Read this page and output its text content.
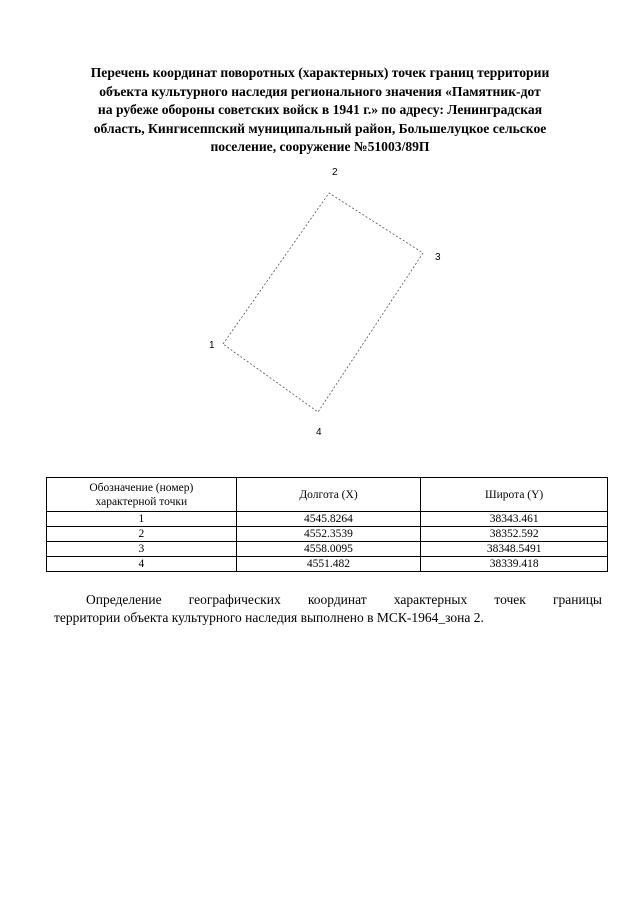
Перечень координат поворотных (характерных) точек границ территории
объекта культурного наследия регионального значения «Памятник-дот
на рубеже обороны советских войск в 1941 г.» по адресу: Ленинградская
область, Кингисеппский муниципальный район, Большелуцкое сельское
поселение, сооружение №51003/89П
1
2
3
4
Обозначение (номер)
характерной точки	Долгота (X)	Широта (Y)
1	4545.8264	38343.461
2	4552.3539	38352.592
3	4558.0095	38348.5491
4	4551.482	38339.418
Определение географических координат характерных точек границы
территории объекта культурного наследия выполнено в МСК-1964_зона 2.
